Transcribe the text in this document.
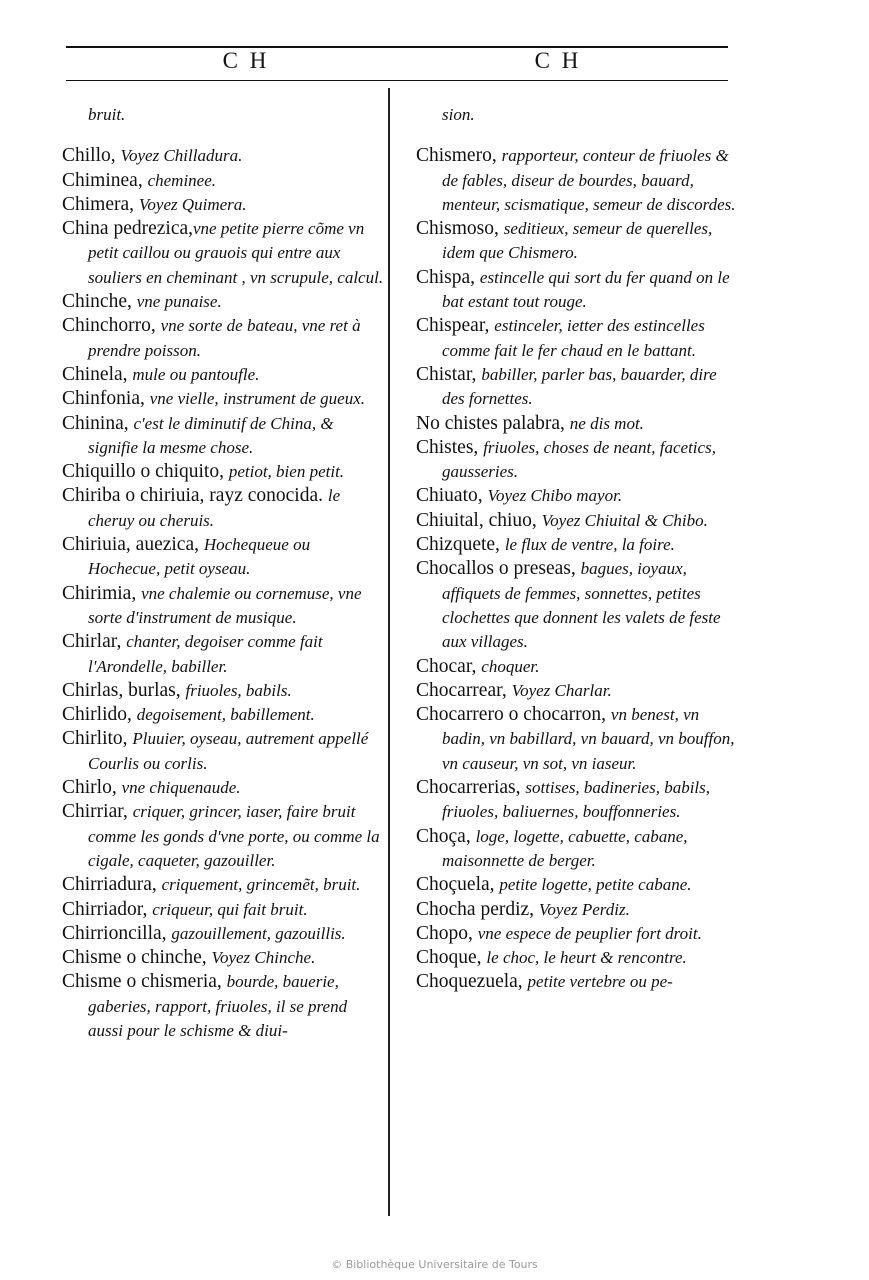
C H	C H

bruit.

Chillo, Voyez Chilladura.

Chiminea, cheminee.

Chimera, Voyez Quimera.

China pedrezica,vne petite pierre cõme vn petit caillou ou grauois qui entre aux souliers en cheminant , vn scrupule, calcul.

Chinche, vne punaise.

Chinchorro, vne sorte de bateau, vne ret à prendre poisson.

Chinela, mule ou pantoufle.

Chinfonia, vne vielle, instrument de gueux.

Chinina, c'est le diminutif de China, & signifie la mesme chose.

Chiquillo o chiquito, petiot, bien petit.

Chiriba o chiriuia, rayz conocida. le cheruy ou cheruis.

Chiriuia, auezica, Hochequeue ou Hochecue, petit oyseau.

Chirimia, vne chalemie ou cornemuse, vne sorte d'instrument de musique.

Chirlar, chanter, degoiser comme fait l'Arondelle, babiller.

Chirlas, burlas, friuoles, babils.

Chirlido, degoisement, babillement.

Chirlito, Pluuier, oyseau, autrement appellé Courlis ou corlis.

Chirlo, vne chiquenaude.

Chirriar, criquer, grincer, iaser, faire bruit comme les gonds d'vne porte, ou comme la cigale, caqueter, gazouiller.

Chirriadura, criquement, grincemẽt, bruit.

Chirriador, criqueur, qui fait bruit.

Chirrioncilla, gazouillement, gazouillis.

Chisme o chinche, Voyez Chinche.

Chisme o chismeria, bourde, bauerie, gaberies, rapport, friuoles, il se prend aussi pour le schisme & diui-

sion.

Chismero, rapporteur, conteur de friuoles & de fables, diseur de bourdes, bauard, menteur, scismatique, semeur de discordes.

Chismoso, seditieux, semeur de querelles, idem que Chismero.

Chispa, estincelle qui sort du fer quand on le bat estant tout rouge.

Chispear, estinceler, ietter des estincelles comme fait le fer chaud en le battant.

Chistar, babiller, parler bas, bauarder, dire des fornettes.

No chistes palabra, ne dis mot.

Chistes, friuoles, choses de neant, facetics, gausseries.

Chiuato, Voyez Chibo mayor.

Chiuital, chiuo, Voyez Chiuital & Chibo.

Chizquete, le flux de ventre, la foire.

Chocallos o preseas, bagues, ioyaux, affiquets de femmes, sonnettes, petites clochettes que donnent les valets de feste aux villages.

Chocar, choquer.

Chocarrear, Voyez Charlar.

Chocarrero o chocarron, vn benest, vn badin, vn babillard, vn bauard, vn bouffon, vn causeur, vn sot, vn iaseur.

Chocarrerias, sottises, badineries, babils, friuoles, baliuernes, bouffonneries.

Choça, loge, logette, cabuette, cabane, maisonnette de berger.

Choçuela, petite logette, petite cabane.

Chocha perdiz, Voyez Perdiz.

Chopo, vne espece de peuplier fort droit.

Choque, le choc, le heurt & rencontre.

Choquezuela, petite vertebre ou pe-

© Bibliothèque Universitaire de Tours
